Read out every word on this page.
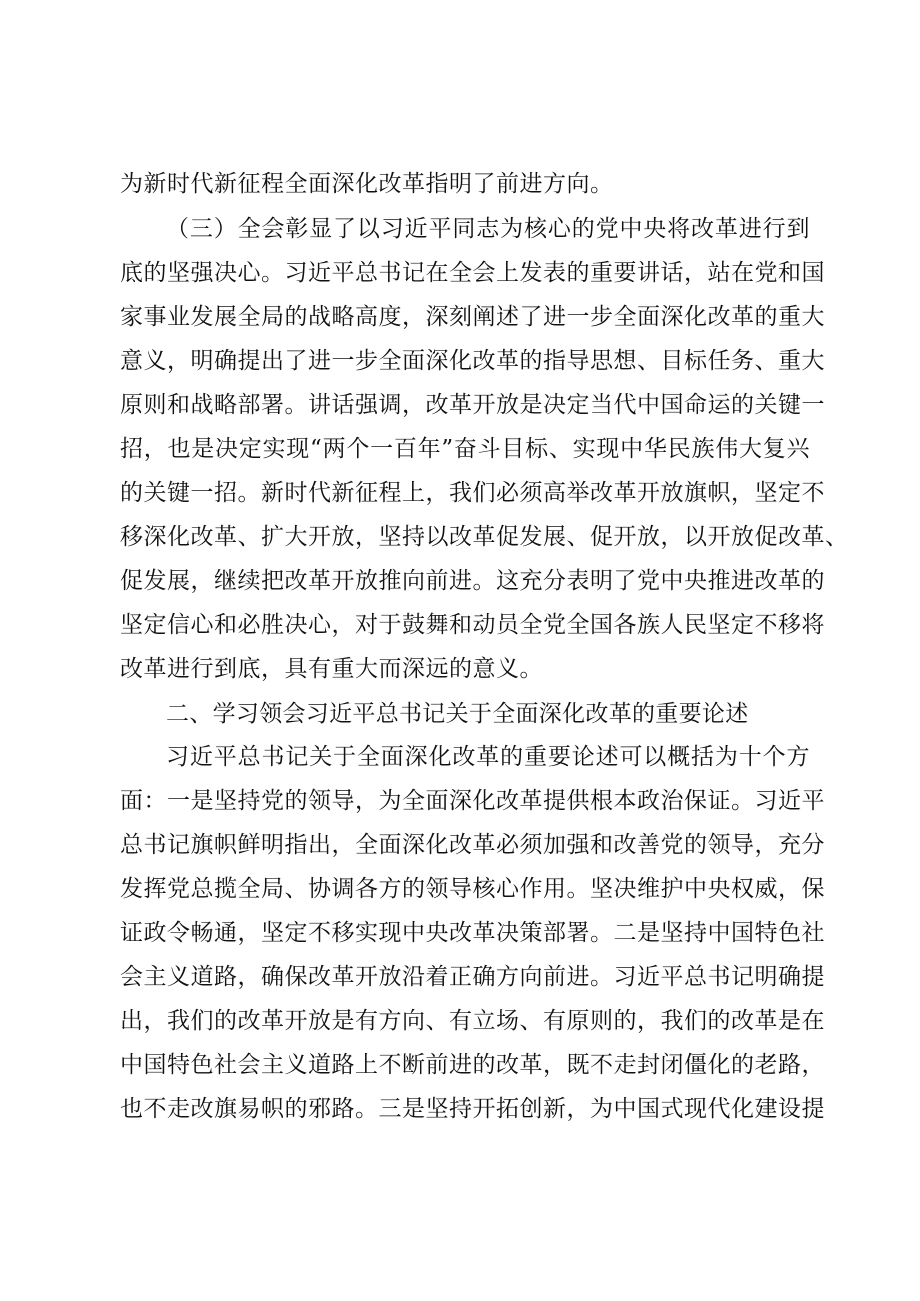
为新时代新征程全面深化改革指明了前进方向。
（三）全会彰显了以习近平同志为核心的党中央将改革进行到
底的坚强决心。习近平总书记在全会上发表的重要讲话，站在党和国
家事业发展全局的战略高度，深刻阐述了进一步全面深化改革的重大
意义，明确提出了进一步全面深化改革的指导思想、目标任务、重大
原则和战略部署。讲话强调，改革开放是决定当代中国命运的关键一
招，也是决定实现“两个一百年”奋斗目标、实现中华民族伟大复兴
的关键一招。新时代新征程上，我们必须高举改革开放旗帜，坚定不
移深化改革、扩大开放，坚持以改革促发展、促开放，以开放促改革、
促发展，继续把改革开放推向前进。这充分表明了党中央推进改革的
坚定信心和必胜决心，对于鼓舞和动员全党全国各族人民坚定不移将
改革进行到底，具有重大而深远的意义。
二、学习领会习近平总书记关于全面深化改革的重要论述
习近平总书记关于全面深化改革的重要论述可以概括为十个方
面：一是坚持党的领导，为全面深化改革提供根本政治保证。习近平
总书记旗帜鲜明指出，全面深化改革必须加强和改善党的领导，充分
发挥党总揽全局、协调各方的领导核心作用。坚决维护中央权威，保
证政令畅通，坚定不移实现中央改革决策部署。二是坚持中国特色社
会主义道路，确保改革开放沿着正确方向前进。习近平总书记明确提
出，我们的改革开放是有方向、有立场、有原则的，我们的改革是在
中国特色社会主义道路上不断前进的改革，既不走封闭僵化的老路，
也不走改旗易帜的邪路。三是坚持开拓创新，为中国式现代化建设提
